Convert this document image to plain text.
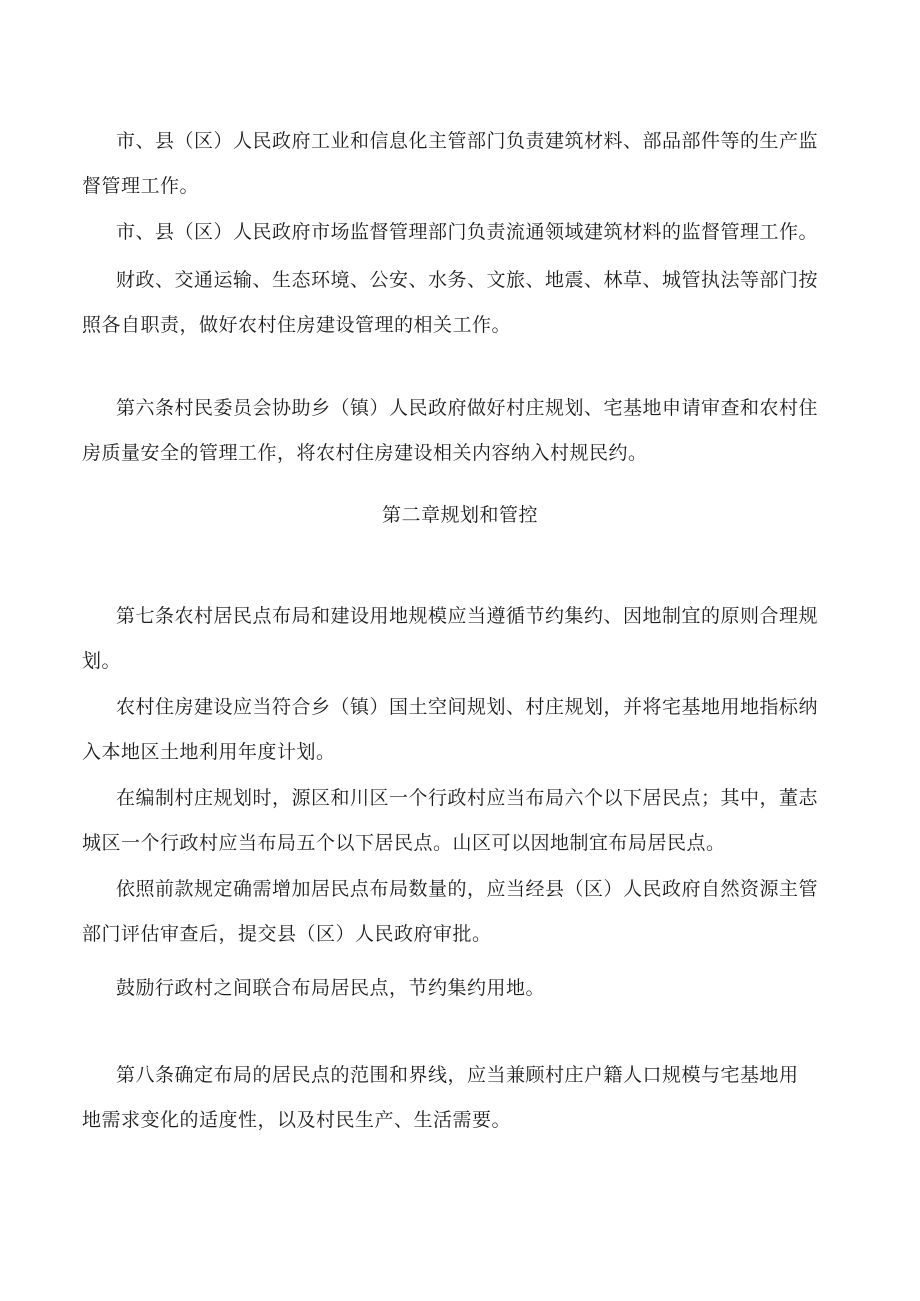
市、县（区）人民政府工业和信息化主管部门负责建筑材料、部品部件等的生产监
督管理工作。

市、县（区）人民政府市场监督管理部门负责流通领域建筑材料的监督管理工作。

财政、交通运输、生态环境、公安、水务、文旅、地震、林草、城管执法等部门按
照各自职责，做好农村住房建设管理的相关工作。

第六条村民委员会协助乡（镇）人民政府做好村庄规划、宅基地申请审查和农村住
房质量安全的管理工作，将农村住房建设相关内容纳入村规民约。

第二章规划和管控

第七条农村居民点布局和建设用地规模应当遵循节约集约、因地制宜的原则合理规
划。

农村住房建设应当符合乡（镇）国土空间规划、村庄规划，并将宅基地用地指标纳
入本地区土地利用年度计划。

在编制村庄规划时，源区和川区一个行政村应当布局六个以下居民点；其中，董志
城区一个行政村应当布局五个以下居民点。山区可以因地制宜布局居民点。

依照前款规定确需增加居民点布局数量的，应当经县（区）人民政府自然资源主管
部门评估审查后，提交县（区）人民政府审批。

鼓励行政村之间联合布局居民点，节约集约用地。

第八条确定布局的居民点的范围和界线，应当兼顾村庄户籍人口规模与宅基地用
地需求变化的适度性，以及村民生产、生活需要。
